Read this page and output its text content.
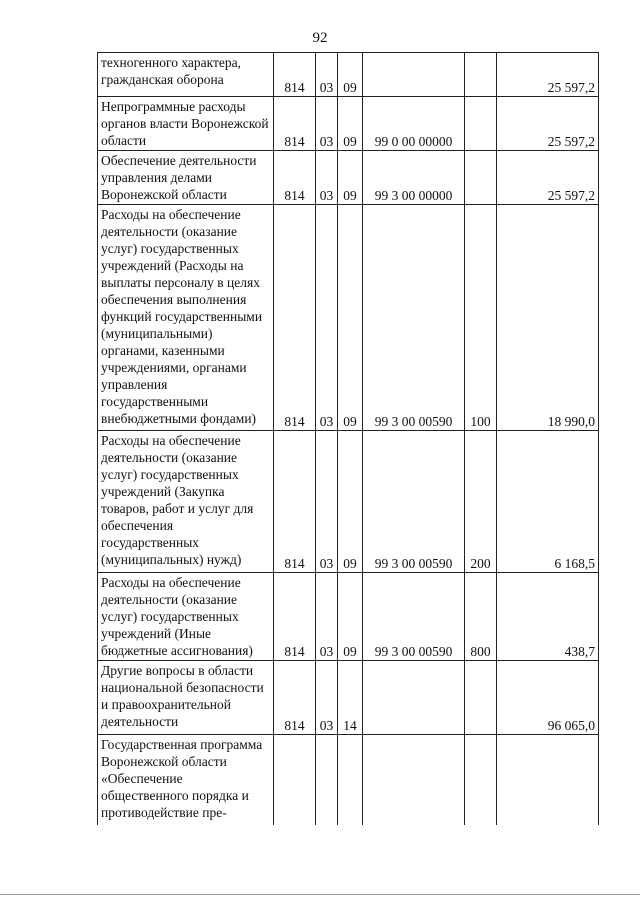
92
техногенного характера, гражданская оборона	814	03	09			25 597,2
Непрограммные расходы органов власти Воронежской области	814	03	09	99 0 00 00000		25 597,2
Обеспечение деятельности управления делами Воронежской области	814	03	09	99 3 00 00000		25 597,2
Расходы на обеспечение деятельности (оказание услуг) государственных учреждений (Расходы на выплаты персоналу в целях обеспечения выполнения функций государственными (муниципальными) органами, казенными учреждениями, органами управления государственными внебюджетными фондами)	814	03	09	99 3 00 00590	100	18 990,0
Расходы на обеспечение деятельности (оказание услуг) государственных учреждений (Закупка товаров, работ и услуг для обеспечения государственных (муниципальных) нужд)	814	03	09	99 3 00 00590	200	6 168,5
Расходы на обеспечение деятельности (оказание услуг) государственных учреждений (Иные бюджетные ассигнования)	814	03	09	99 3 00 00590	800	438,7
Другие вопросы в области национальной безопасности и правоохранительной деятельности	814	03	14			96 065,0
Государственная программа Воронежской области «Обеспечение общественного порядка и противодействие пре-						
